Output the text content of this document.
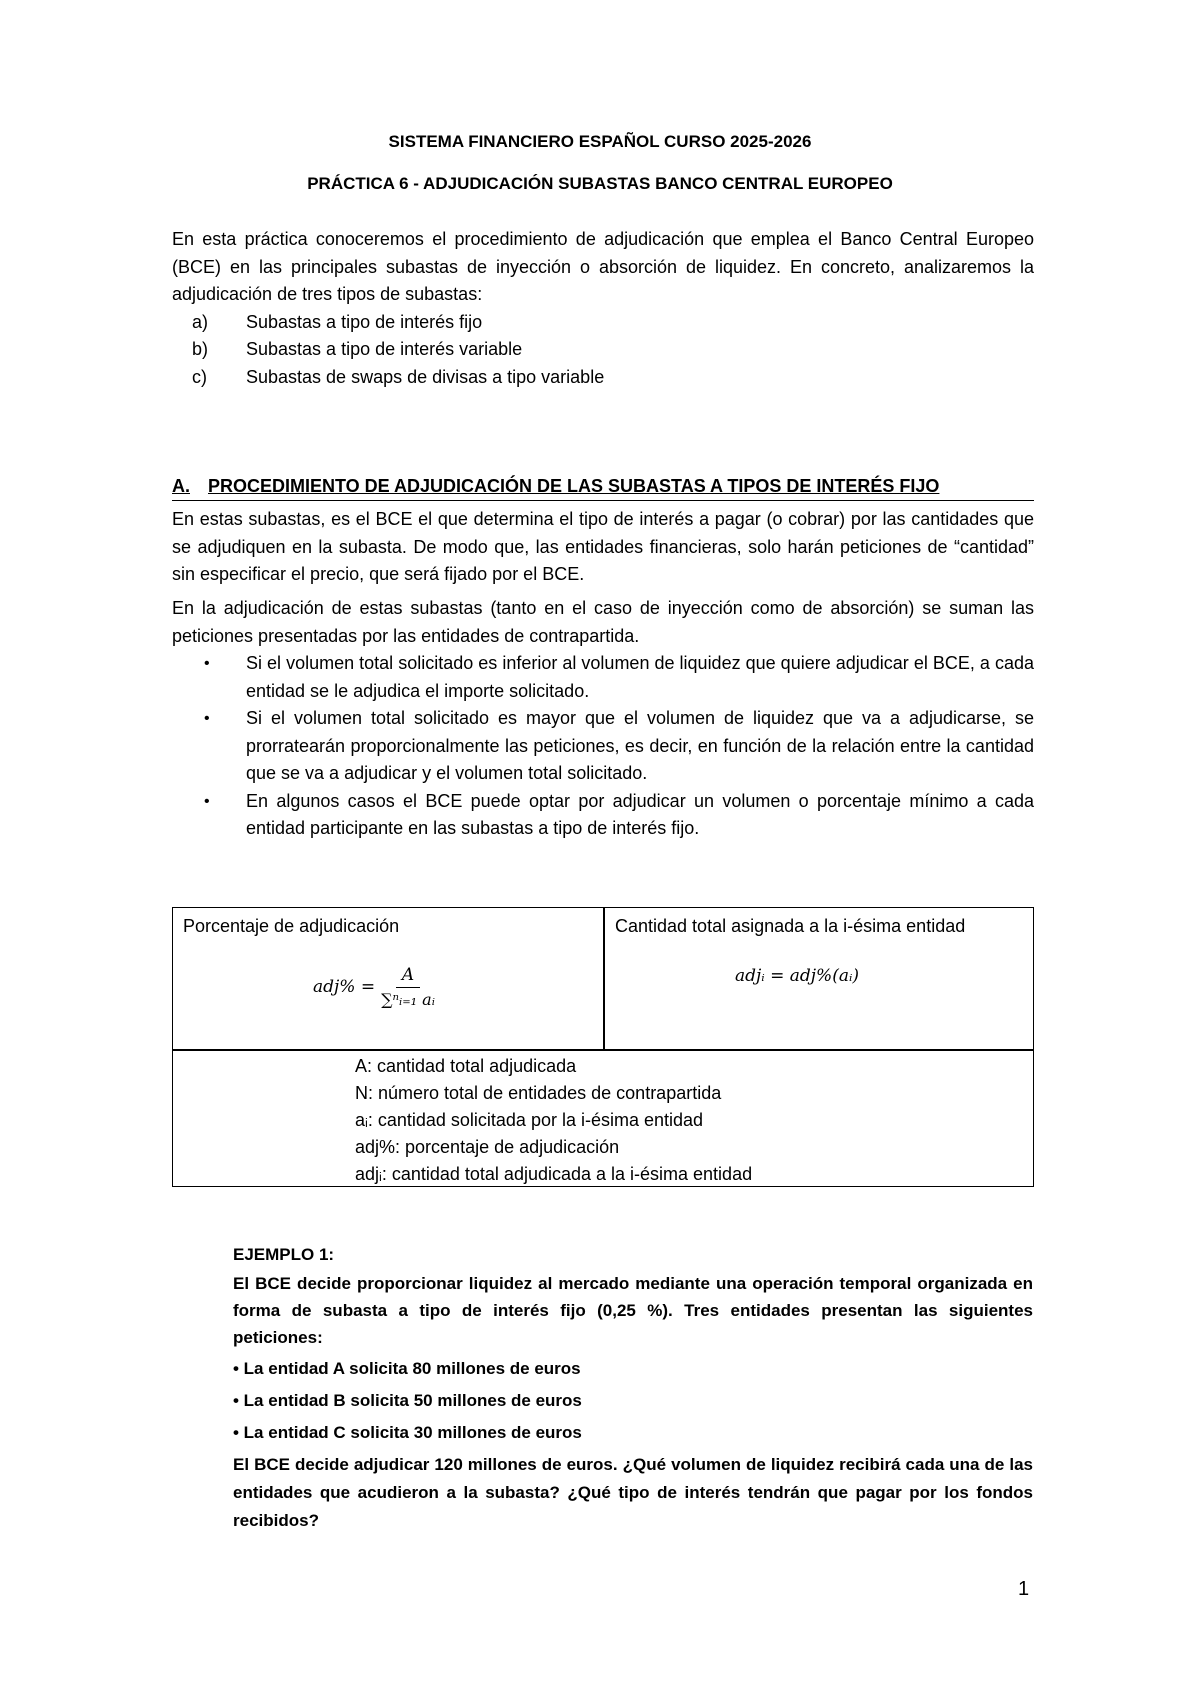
SISTEMA FINANCIERO ESPAÑOL CURSO 2025-2026
PRÁCTICA 6 - ADJUDICACIÓN SUBASTAS BANCO CENTRAL EUROPEO
En esta práctica conoceremos el procedimiento de adjudicación que emplea el Banco Central Europeo (BCE) en las principales subastas de inyección o absorción de liquidez. En concreto, analizaremos la adjudicación de tres tipos de subastas:
a)	Subastas a tipo de interés fijo
b)	Subastas a tipo de interés variable
c)	Subastas de swaps de divisas a tipo variable
A. PROCEDIMIENTO DE ADJUDICACIÓN DE LAS SUBASTAS A TIPOS DE INTERÉS FIJO
En estas subastas, es el BCE el que determina el tipo de interés a pagar (o cobrar) por las cantidades que se adjudiquen en la subasta. De modo que, las entidades financieras, solo harán peticiones de “cantidad” sin especificar el precio, que será fijado por el BCE.
En la adjudicación de estas subastas (tanto en el caso de inyección como de absorción) se suman las peticiones presentadas por las entidades de contrapartida.
•	Si el volumen total solicitado es inferior al volumen de liquidez que quiere adjudicar el BCE, a cada entidad se le adjudica el importe solicitado.
•	Si el volumen total solicitado es mayor que el volumen de liquidez que va a adjudicarse, se prorratearán proporcionalmente las peticiones, es decir, en función de la relación entre la cantidad que se va a adjudicar y el volumen total solicitado.
•	En algunos casos el BCE puede optar por adjudicar un volumen o porcentaje mínimo a cada entidad participante en las subastas a tipo de interés fijo.
Porcentaje de adjudicación
$adj\% = \frac{A}{\text{∑ⁿᵢ₌₁ aᵢ}}$
Cantidad total asignada a la i-ésima entidad
adjᵢ = adj%(aᵢ)
A: cantidad total adjudicada
N: número total de entidades de contrapartida
aᵢ: cantidad solicitada por la i-ésima entidad
adj%: porcentaje de adjudicación
adjᵢ: cantidad total adjudicada a la i-ésima entidad
EJEMPLO 1:

El BCE decide proporcionar liquidez al mercado mediante una operación temporal organizada en forma de subasta a tipo de interés fijo (0,25 %). Tres entidades presentan las siguientes peticiones:

• La entidad A solicita 80 millones de euros

• La entidad B solicita 50 millones de euros

• La entidad C solicita 30 millones de euros

El BCE decide adjudicar 120 millones de euros. ¿Qué volumen de liquidez recibirá cada una de las entidades que acudieron a la subasta? ¿Qué tipo de interés tendrán que pagar por los fondos recibidos?

1
